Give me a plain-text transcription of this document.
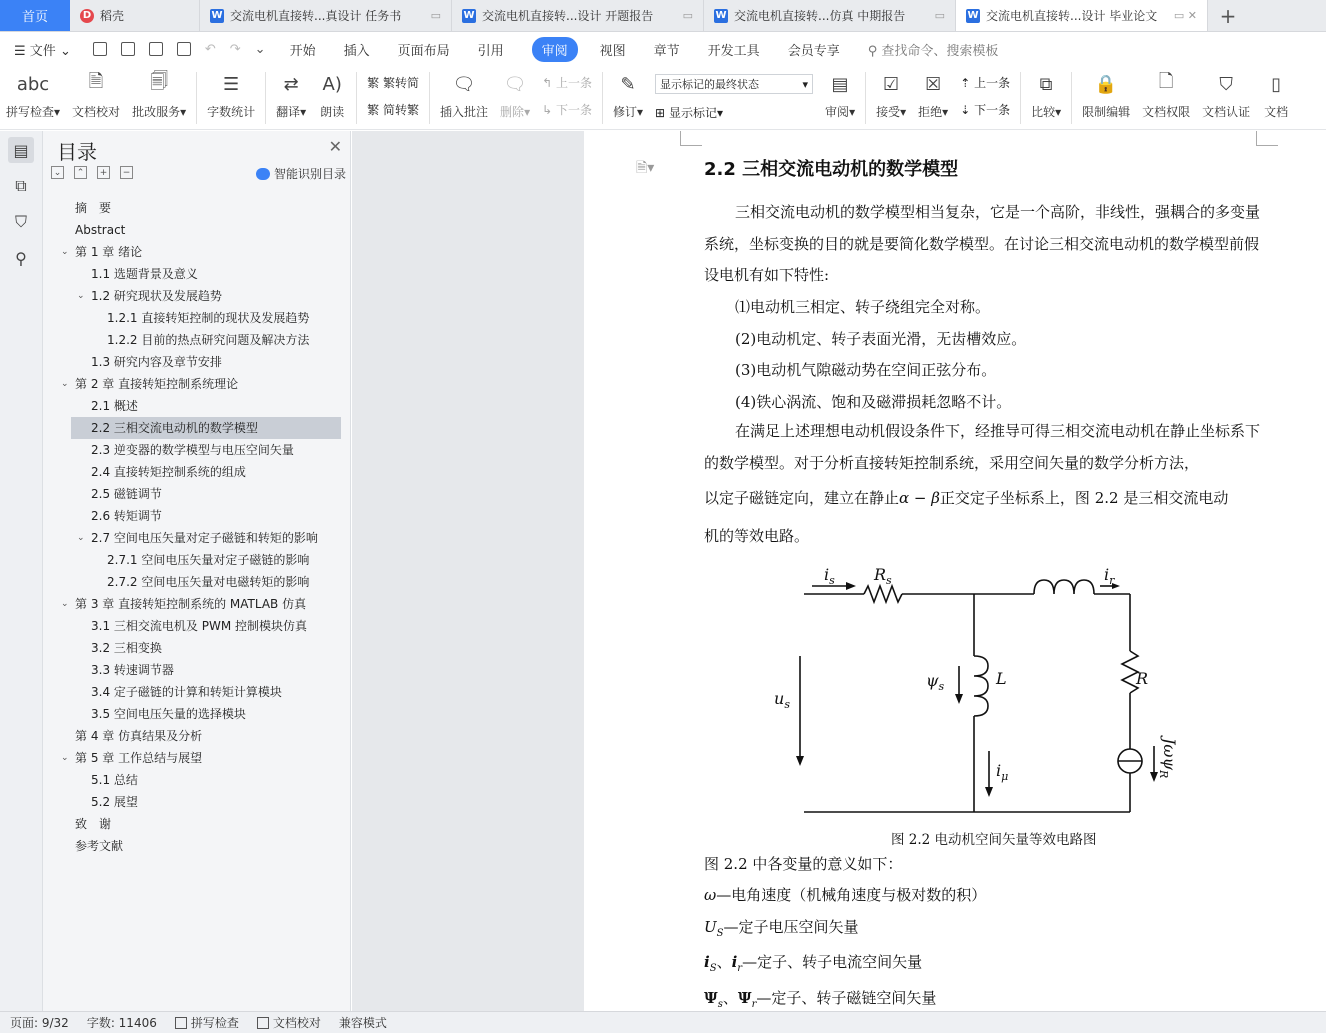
首页	D 稻壳	W 交流电机直接转...真设计 任务书	▭ W 交流电机直接转...设计 开题报告	▭ W 交流电机直接转...仿真 中期报告	▭ W 交流电机直接转...设计 毕业论文	▭ ✕	+
☰ 文件 ⌄	↶ ↷ ⌄ 开始 插入 页面布局 引用	审阅	视图 章节 开发工具 会员专享 ⚲ 查找命令、搜索模板
abc
拼写检查▾
🗎
文档校对
🗐
批改服务▾
☰
字数统计
⇄
翻译▾
A)
朗读
繁 繁转简
繁 简转繁
🗨
插入批注
🗨
删除▾
↰ 上一条
↳ 下一条
✎
修订▾
显示标记的最终状态	▾
⊞ 显示标记▾
▤
审阅▾
☑
接受▾
☒
拒绝▾
⇡ 上一条
⇣ 下一条
⧉
比较▾
🔒
限制编辑
🗋
文档权限
⛉
文档认证
▯
文档
▤
⧉
⛉
⚲
目录	✕
⌄	⌃	+	−	智能识别目录
摘　要
Abstract
⌄ 第 1 章 绪论
1.1 选题背景及意义
⌄ 1.2 研究现状及发展趋势
1.2.1 直接转矩控制的现状及发展趋势
1.2.2 目前的热点研究问题及解决方法
1.3 研究内容及章节安排
⌄ 第 2 章 直接转矩控制系统理论
2.1 概述
2.2 三相交流电动机的数学模型
2.3 逆变器的数学模型与电压空间矢量
2.4 直接转矩控制系统的组成
2.5 磁链调节
2.6 转矩调节
⌄ 2.7 空间电压矢量对定子磁链和转矩的影响
2.7.1 空间电压矢量对定子磁链的影响
2.7.2 空间电压矢量对电磁转矩的影响
⌄ 第 3 章 直接转矩控制系统的 MATLAB 仿真
3.1 三相交流电机及 PWM 控制模块仿真
3.2 三相变换
3.3 转速调节器
3.4 定子磁链的计算和转矩计算模块
3.5 空间电压矢量的选择模块
第 4 章 仿真结果及分析
⌄ 第 5 章 工作总结与展望
5.1 总结
5.2 展望
致　谢
参考文献
🗎▾	2.2 三相交流电动机的数学模型
三相交流电动机的数学模型相当复杂，它是一个高阶，非线性，强耦合的多变量系统，坐标变换的目的就是要简化数学模型。在讨论三相交流电动机的数学模型前假设电机有如下特性:
⑴电动机三相定、转子绕组完全对称。
(2)电动机定、转子表面光滑，无齿槽效应。
(3)电动机气隙磁动势在空间正弦分布。
(4)铁心涡流、饱和及磁滞损耗忽略不计。
在满足上述理想电动机假设条件下，经推导可得三相交流电动机在静止坐标系下的数学模型。对于分析直接转矩控制系统，采用空间矢量的数学分析方法，
以定子磁链定向，建立在静止α − β正交定子坐标系上，图 2.2 是三相交流电动
机的等效电路。
$i_s$ $R_s$	$i_r$
$u_s$
$\psi_s$	L	R
$i_\mu$
Jωψ$_R$
图 2.2 电动机空间矢量等效电路图
图 2.2 中各变量的意义如下：
ω—电角速度（机械角速度与极对数的积）
$U_S—$定子电压空间矢量
$i_S$、$i_r—$定子、转子电流空间矢量
$\Psi_s$、$\Psi_r—$定子、转子磁链空间矢量
页面: 9/32 字数: 11406	拼写检查	文档校对 兼容模式
